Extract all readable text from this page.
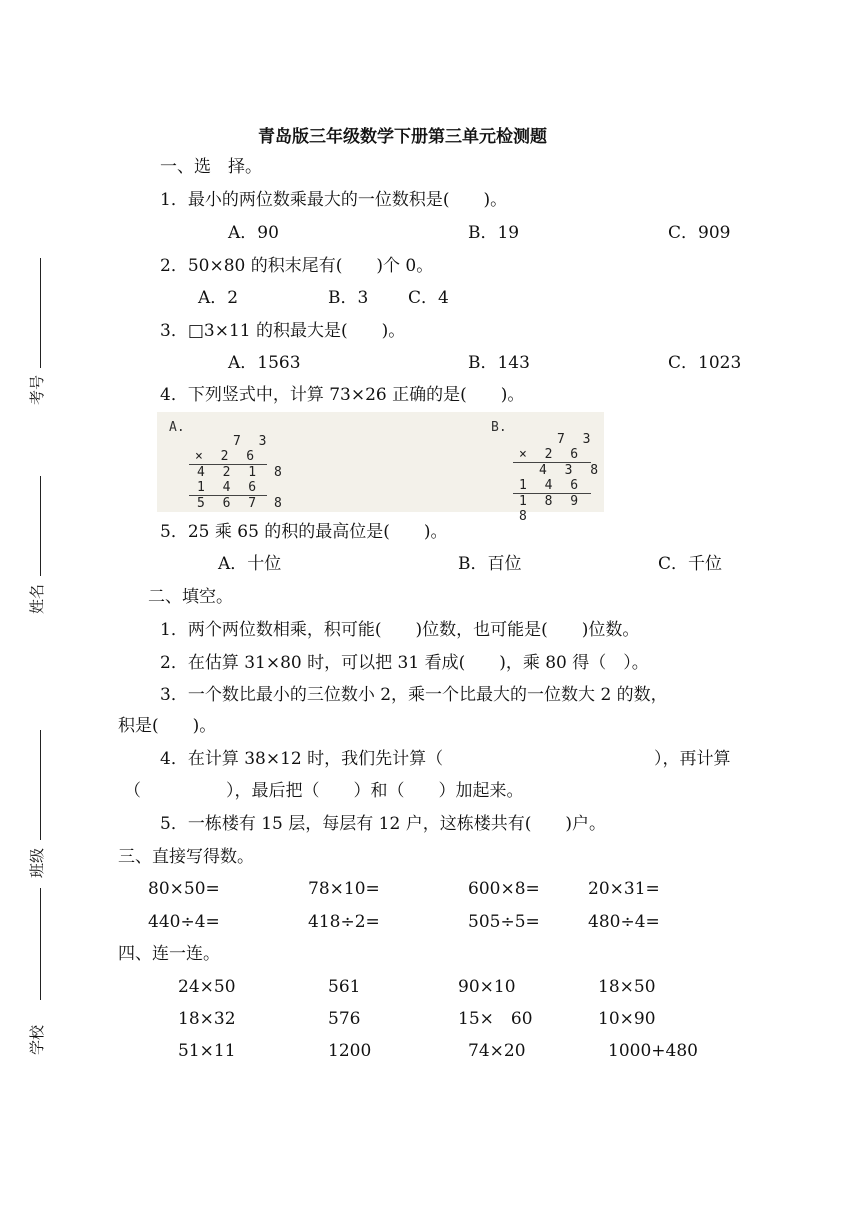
考号
姓名
班级
学校
青岛版三年级数学下册第三单元检测题
一、选　择。
1．最小的两位数乘最大的一位数积是(　　)。
A．90	B．19	C．909
2．50×80 的积末尾有(　　)个 0。
A．2	B．3 C．4
3．□3×11 的积最大是(　　)。
A．1563	B．143	C．1023
4．下列竖式中，计算 73×26 正确的是(　　)。
A.
7 3
× 2 6
4 2 1 8
1 4 6
5 6 7 8
B.
7 3
× 2 6
4 3 8
1 4 6
1 8 9 8
5．25 乘 65 的积的最高位是(　　)。
A．十位	B．百位	C．千位
二、填空。
1．两个两位数相乘，积可能(　　)位数，也可能是(　　)位数。
2．在估算 31×80 时，可以把 31 看成(　　)，乘 80 得（　）。
3．一个数比最小的三位数小 2，乘一个比最大的一位数大 2 的数，
积是(　　)。
4．在计算 38×12 时，我们先计算（	），再计算
（　　　　　），最后把（　　）和（　　）加起来。
5．一栋楼有 15 层，每层有 12 户，这栋楼共有(　　)户。
三、直接写得数。
80×50=	78×10=	600×8=	20×31=
440÷4=	418÷2=	505÷5=	480÷4=
四、连一连。
24×50	561	90×10	18×50
18×32	576	15×　60	10×90
51×11	1200	74×20	1000+480
